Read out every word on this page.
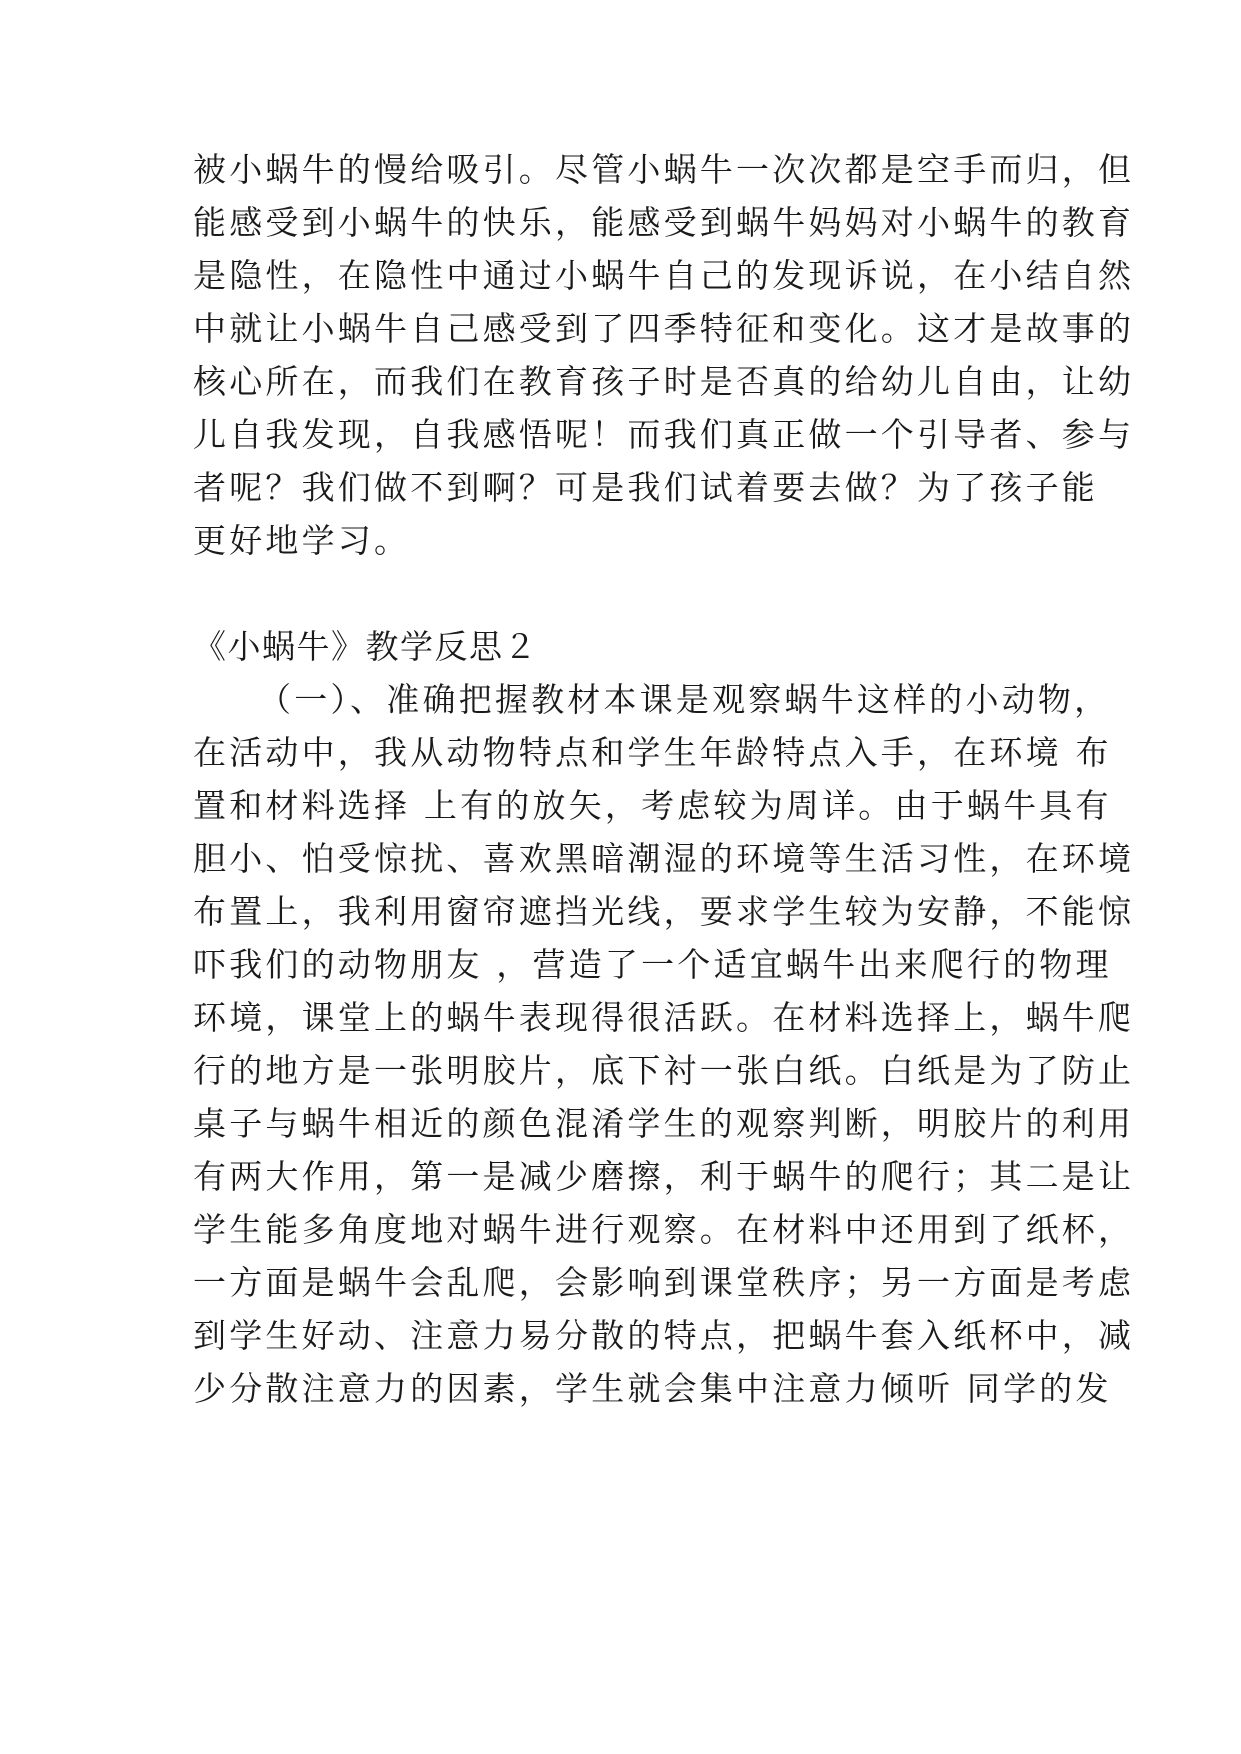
被小蜗牛的慢给吸引。尽管小蜗牛一次次都是空手而归，但
能感受到小蜗牛的快乐，能感受到蜗牛妈妈对小蜗牛的教育
是隐性，在隐性中通过小蜗牛自己的发现诉说，在小结自然
中就让小蜗牛自己感受到了四季特征和变化。这才是故事的
核心所在，而我们在教育孩子时是否真的给幼儿自由，让幼
儿自我发现，自我感悟呢！而我们真正做一个引导者、参与
者呢？我们做不到啊？可是我们试着要去做？为了孩子能
更好地学习。
《小蜗牛》教学反思２
（一）、准确把握教材本课是观察蜗牛这样的小动物，
在活动中，我从动物特点和学生年龄特点入手，在环境 布
置和材料选择 上有的放矢，考虑较为周详。由于蜗牛具有
胆小、怕受惊扰、喜欢黑暗潮湿的环境等生活习性，在环境
布置上，我利用窗帘遮挡光线，要求学生较为安静，不能惊
吓我们的动物朋友 ，营造了一个适宜蜗牛出来爬行的物理
环境，课堂上的蜗牛表现得很活跃。在材料选择上，蜗牛爬
行的地方是一张明胶片，底下衬一张白纸。白纸是为了防止
桌子与蜗牛相近的颜色混淆学生的观察判断，明胶片的利用
有两大作用，第一是减少磨擦，利于蜗牛的爬行；其二是让
学生能多角度地对蜗牛进行观察。在材料中还用到了纸杯，
一方面是蜗牛会乱爬，会影响到课堂秩序；另一方面是考虑
到学生好动、注意力易分散的特点，把蜗牛套入纸杯中，减
少分散注意力的因素，学生就会集中注意力倾听 同学的发
